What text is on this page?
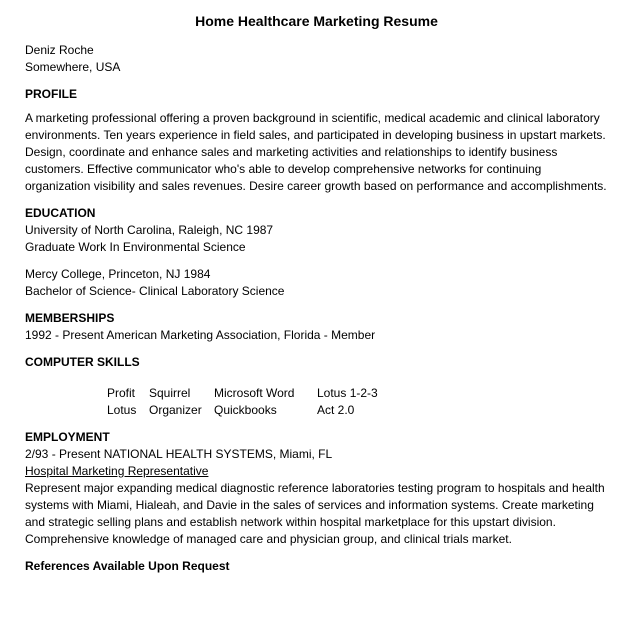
Home Healthcare Marketing Resume

Deniz Roche

Somewhere, USA

PROFILE

A marketing professional offering a proven background in scientific, medical academic and clinical laboratory environments. Ten years experience in field sales, and participated in developing business in upstart markets. Design, coordinate and enhance sales and marketing activities and relationships to identify business customers. Effective communicator who's able to develop comprehensive networks for continuing organization visibility and sales revenues. Desire career growth based on performance and accomplishments.

EDUCATION

University of North Carolina, Raleigh, NC 1987

Graduate Work In Environmental Science

Mercy College, Princeton, NJ 1984

Bachelor of Science- Clinical Laboratory Science

MEMBERSHIPS

1992 - Present American Marketing Association, Florida - Member

COMPUTER SKILLS

Profit	Squirrel	Microsoft Word	Lotus 1-2-3
Lotus	Organizer	Quickbooks	Act 2.0

EMPLOYMENT

2/93 - Present NATIONAL HEALTH SYSTEMS, Miami, FL

Hospital Marketing Representative

Represent major expanding medical diagnostic reference laboratories testing program to hospitals and health systems with Miami, Hialeah, and Davie in the sales of services and information systems. Create marketing and strategic selling plans and establish network within hospital marketplace for this upstart division. Comprehensive knowledge of managed care and physician group, and clinical trials market.

References Available Upon Request
